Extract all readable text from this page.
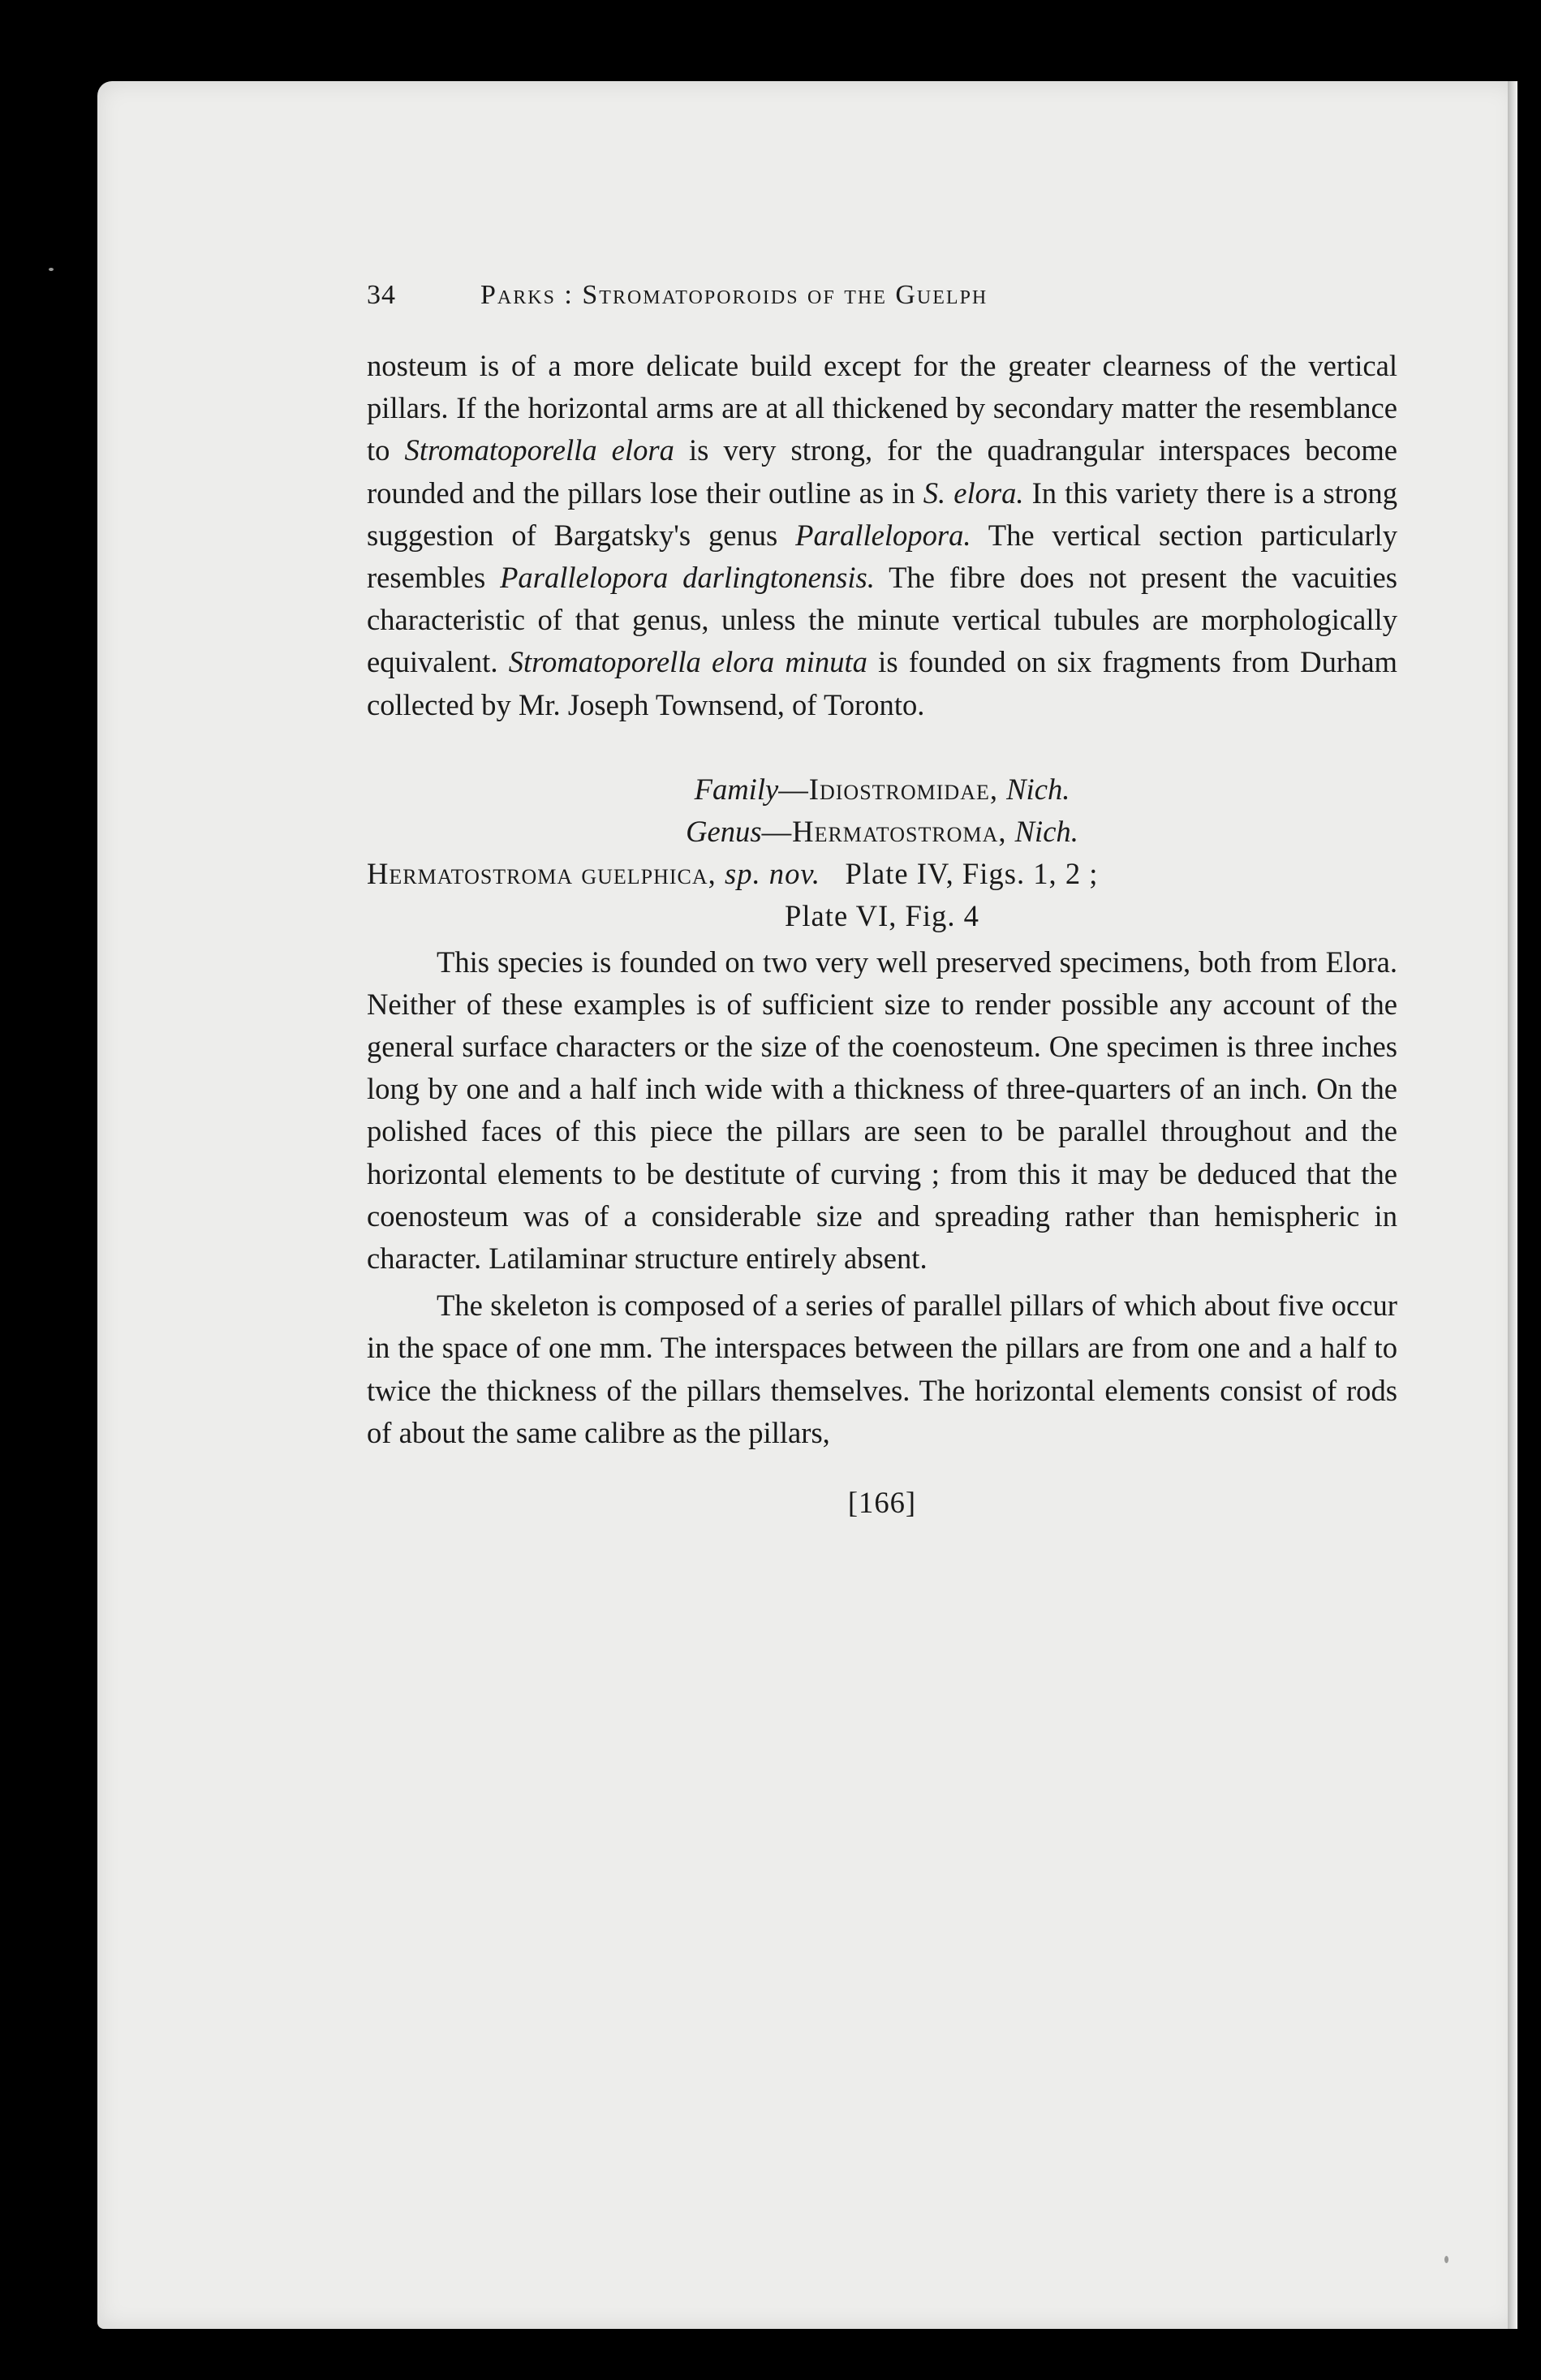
34	Parks : Stromatoporoids of the Guelph

nosteum is of a more delicate build except for the greater clearness of the vertical pillars. If the horizontal arms are at all thickened by secondary matter the resemblance to Stromatoporella elora is very strong, for the quadrangular interspaces become rounded and the pillars lose their outline as in S. elora. In this variety there is a strong suggestion of Bargatsky's genus Parallelopora. The vertical section particularly resembles Parallelopora darlingtonensis. The fibre does not present the vacuities characteristic of that genus, unless the minute vertical tubules are morphologically equivalent. Stromatoporella elora minuta is founded on six fragments from Durham collected by Mr. Joseph Townsend, of Toronto.

Family—Idiostromidae, Nich.
Genus—Hermatostroma, Nich.
Hermatostroma guelphica, sp. nov. Plate IV, Figs. 1, 2 ;
Plate VI, Fig. 4

This species is founded on two very well preserved specimens, both from Elora. Neither of these examples is of sufficient size to render possible any account of the general surface characters or the size of the coenosteum. One specimen is three inches long by one and a half inch wide with a thickness of three-quarters of an inch. On the polished faces of this piece the pillars are seen to be parallel throughout and the horizontal elements to be destitute of curving ; from this it may be deduced that the coenosteum was of a considerable size and spreading rather than hemispheric in character. Latilaminar structure entirely absent.

The skeleton is composed of a series of parallel pillars of which about five occur in the space of one mm. The interspaces between the pillars are from one and a half to twice the thickness of the pillars themselves. The horizontal elements consist of rods of about the same calibre as the pillars,

[166]
